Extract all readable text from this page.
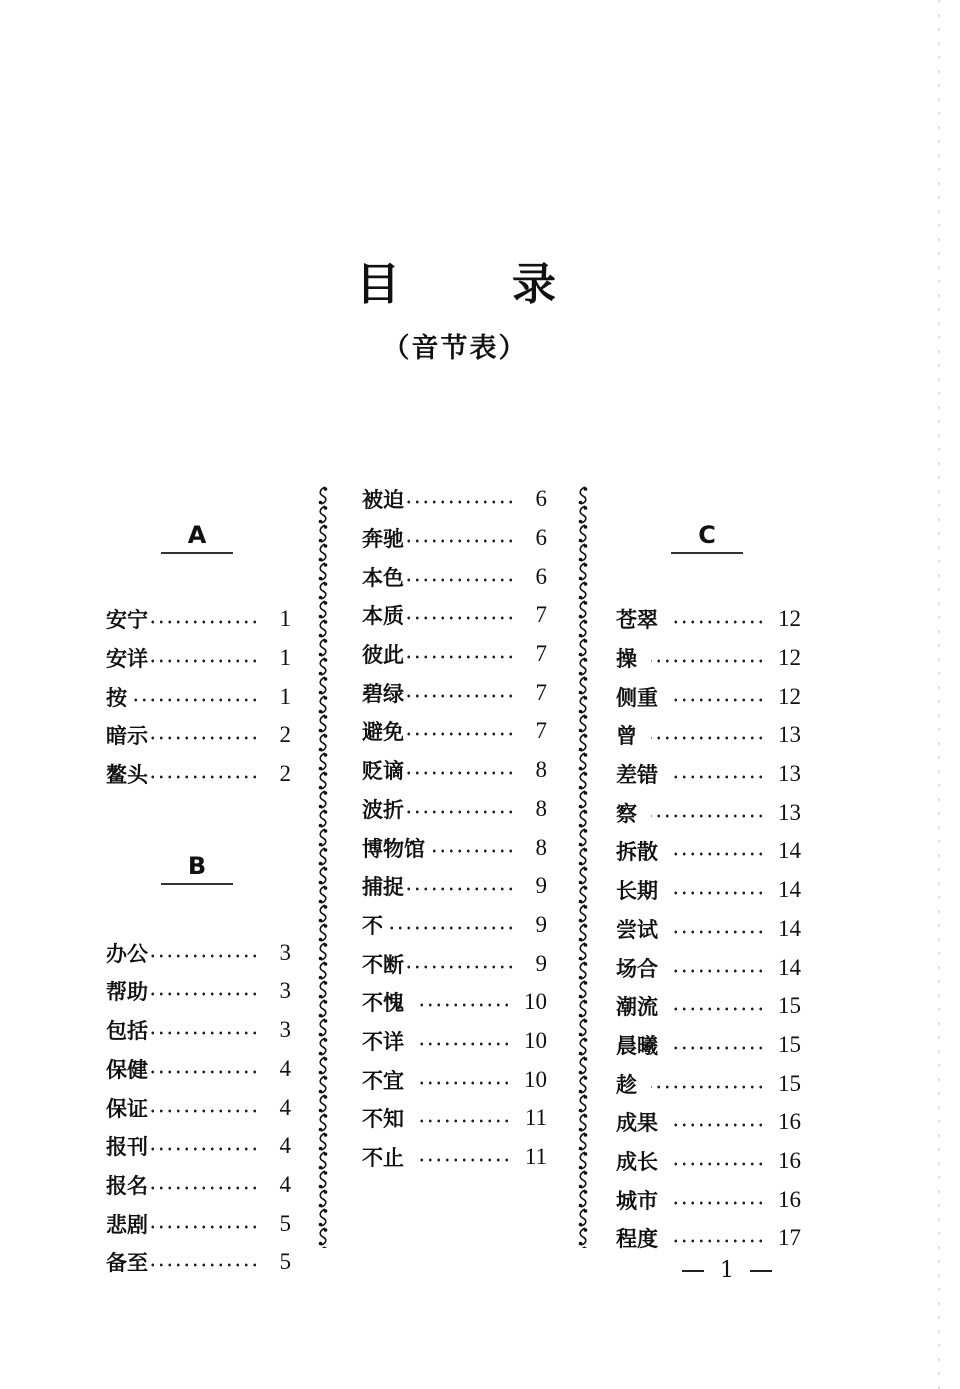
目	录
（音节表）
A
安宁	1
安详	1
按	1
暗示	2
鳌头	2
B
办公	3
帮助	3
包括	3
保健	4
保证	4
报刊	4
报名	4
悲剧	5
备至	5
被迫	6
奔驰	6
本色	6
本质	7
彼此	7
碧绿	7
避免	7
贬谪	8
波折	8
博物馆	8
捕捉	9
不	9
不断	9
不愧	10
不详	10
不宜	10
不知	11
不止	11
C
苍翠	12
操	12
侧重	12
曾	13
差错	13
察	13
拆散	14
长期	14
尝试	14
场合	14
潮流	15
晨曦	15
趁	15
成果	16
成长	16
城市	16
程度	17
1
